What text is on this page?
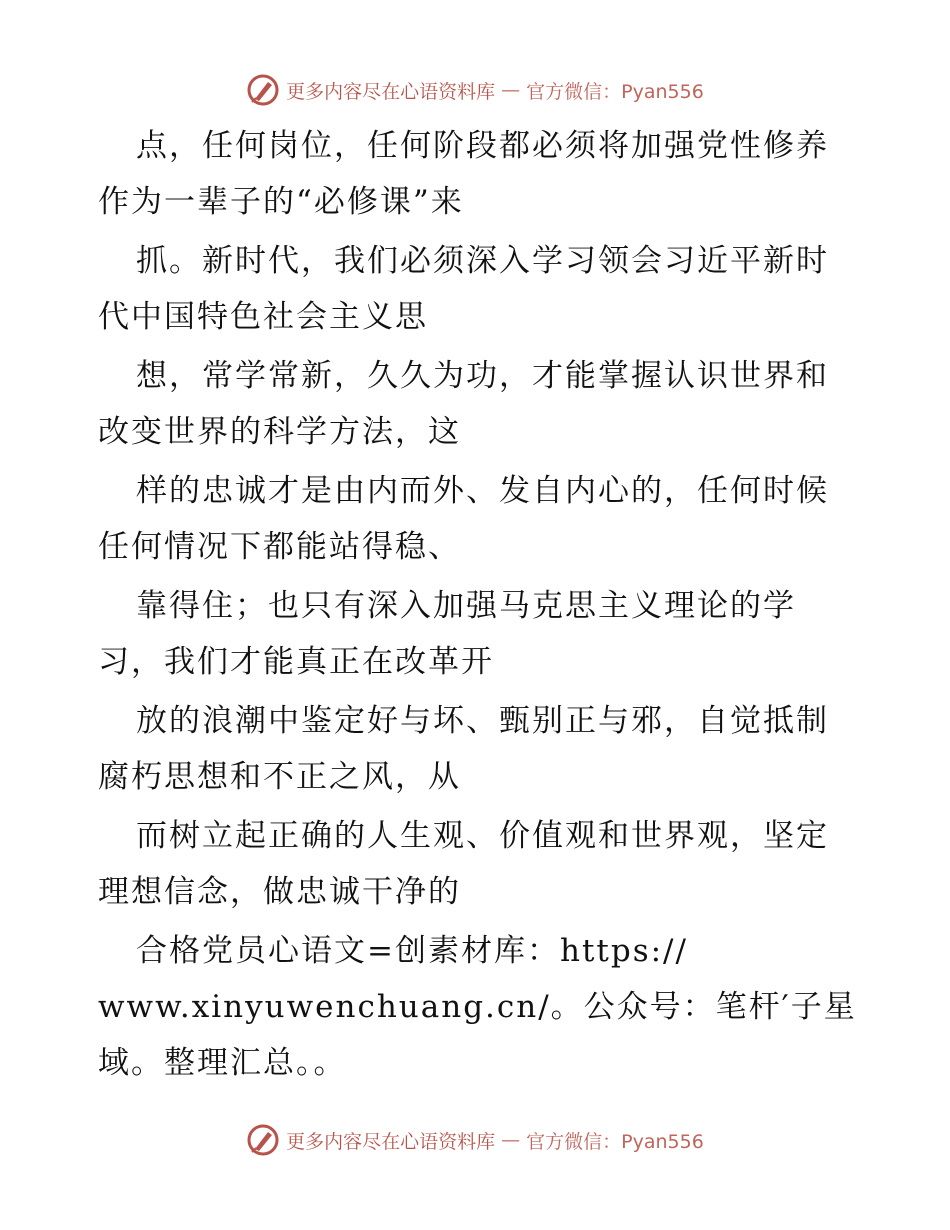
更多内容尽在心语资料库 — 官方微信：Pyan556
点，任何岗位，任何阶段都必须将加强党性修养
作为一辈子的“必修课”来
抓。新时代，我们必须深入学习领会习近平新时
代中国特色社会主义思
想，常学常新，久久为功，才能掌握认识世界和
改变世界的科学方法，这
样的忠诚才是由内而外、发自内心的，任何时候
任何情况下都能站得稳、
靠得住；也只有深入加强马克思主义理论的学
习，我们才能真正在改革开
放的浪潮中鉴定好与坏、甄别正与邪，自觉抵制
腐朽思想和不正之风，从
而树立起正确的人生观、价值观和世界观，坚定
理想信念，做忠诚干净的
合格党员心语文=创素材库：https://
www.xinyuwenchuang.cn/。公众号：笔杆′子星
域。整理汇总。。
更多内容尽在心语资料库 — 官方微信：Pyan556
